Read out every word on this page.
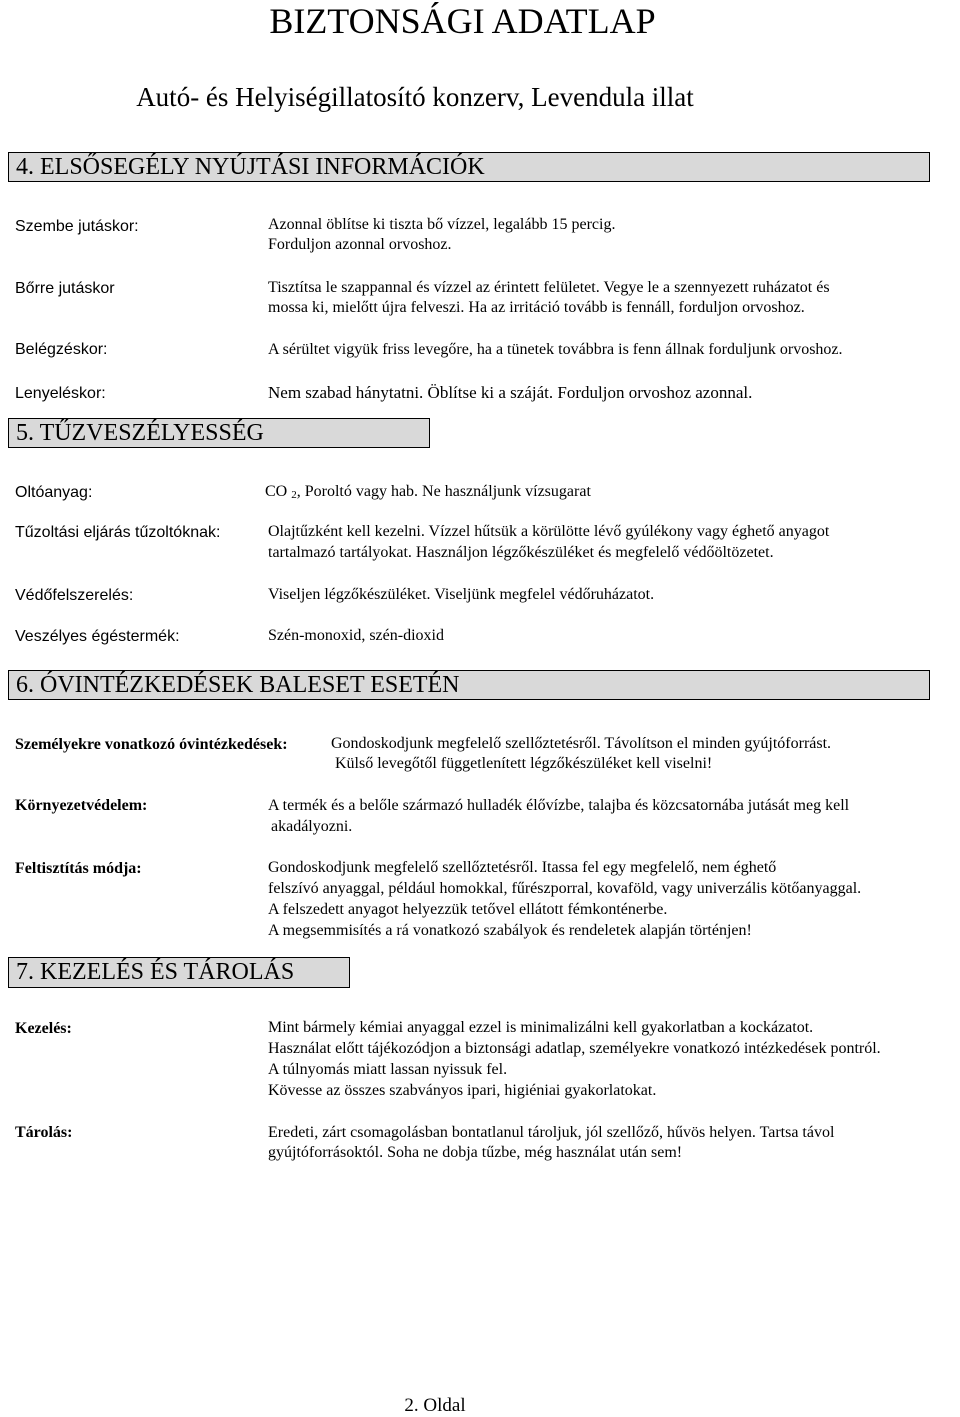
BIZTONSÁGI ADATLAP
Autó- és Helyiségillatosító konzerv, Levendula illat
4. ELSŐSEGÉLY NYÚJTÁSI INFORMÁCIÓK
Szembe jutáskor:	Azonnal öblítse ki tiszta bő vízzel, legalább 15 percig.
Forduljon azonnal orvoshoz.
Bőrre jutáskor	Tisztítsa le szappannal és vízzel az érintett felületet. Vegye le a szennyezett ruházatot és
mossa ki, mielőtt újra felveszi. Ha az irritáció tovább is fennáll, forduljon orvoshoz.
Belégzéskor:	A sérültet vigyük friss levegőre, ha a tünetek továbbra is fenn állnak forduljunk orvoshoz.
Lenyeléskor:	Nem szabad hánytatni. Öblítse ki a száját. Forduljon orvoshoz azonnal.
5. TŰZVESZÉLYESSÉG
Oltóanyag:	CO 2, Poroltó vagy hab. Ne használjunk vízsugarat
Tűzoltási eljárás tűzoltóknak:	Olajtűzként kell kezelni. Vízzel hűtsük a körülötte lévő gyúlékony vagy éghető anyagot
tartalmazó tartályokat. Használjon légzőkészüléket és megfelelő védőöltözetet.
Védőfelszerelés:	Viseljen légzőkészüléket. Viseljünk megfelel védőruházatot.
Veszélyes égéstermék:	Szén-monoxid, szén-dioxid
6. ÓVINTÉZKEDÉSEK BALESET ESETÉN
Személyekre vonatkozó óvintézkedések:	Gondoskodjunk megfelelő szellőztetésről. Távolítson el minden gyújtóforrást.
Külső levegőtől függetlenített légzőkészüléket kell viselni!
Környezetvédelem:	A termék és a belőle származó hulladék élővízbe, talajba és közcsatornába jutását meg kell
akadályozni.
Feltisztítás módja:	Gondoskodjunk megfelelő szellőztetésről. Itassa fel egy megfelelő, nem éghető
felszívó anyaggal, például homokkal, fűrészporral, kovaföld, vagy univerzális kötőanyaggal.
A felszedett anyagot helyezzük tetővel ellátott fémkonténerbe.
A megsemmisítés a rá vonatkozó szabályok és rendeletek alapján történjen!
7. KEZELÉS ÉS TÁROLÁS
Kezelés:	Mint bármely kémiai anyaggal ezzel is minimalizálni kell gyakorlatban a kockázatot.
Használat előtt tájékozódjon a biztonsági adatlap, személyekre vonatkozó intézkedések pontról.
A túlnyomás miatt lassan nyissuk fel.
Kövesse az összes szabványos ipari, higiéniai gyakorlatokat.
Tárolás:	Eredeti, zárt csomagolásban bontatlanul tároljuk, jól szellőző, hűvös helyen. Tartsa távol
gyújtóforrásoktól. Soha ne dobja tűzbe, még használat után sem!
2. Oldal
